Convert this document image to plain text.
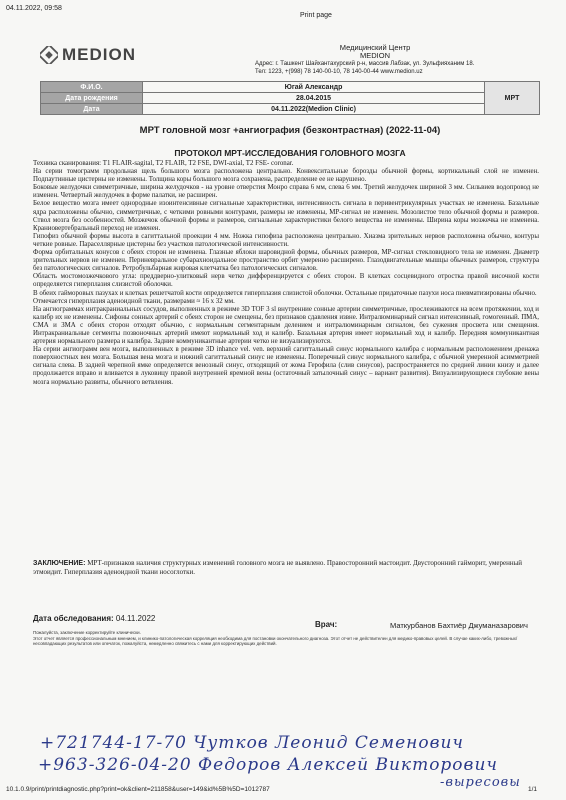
04.11.2022, 09:58
Print page
MEDION	Медицинский Центр
MEDION
Адрес: г. Ташкент Шайхантахурский р-н, массив Лабзак, ул. Зульфияханим 18.
Тел: 1223, +(998) 78 140-00-10, 78 140-00-44 www.medion.uz
Ф.И.О.	Югай Александр	МРТ
Дата рождения	28.04.2015	
Дата	04.11.2022(Medion Clinic)	
МРТ головной мозг +ангиография (безконтрастная) (2022-11-04)
ПРОТОКОЛ МРТ-ИССЛЕДОВАНИЯ ГОЛОВНОГО МОЗГА

Техника сканирования: T1 FLAIR-sagital, T2 FLAIR, T2 FSE, DWI-axial, T2 FSE- coronar.

На серии томограмм продольная щель большого мозга расположена центрально. Конвекситальные борозды обычной формы, кортикальный слой не изменен. Подпаутинные цистерны не изменены. Толщина коры большого мозга сохранена, распределение ее не нарушено.

Боковые желудочки симметричные, ширина желудочков - на уровне отверстия Монро справа 6 мм, слева 6 мм. Третий желудочек шириной 3 мм. Сильвиев водопровод не изменен. Четвертый желудочек в форме палатки, не расширен.

Белое вещество мозга имеет однородные изоинтенсивные сигнальные характеристики, интенсивность сигнала в перивентрикулярных участках не изменена. Базальные ядра расположены обычно, симметричные, с четкими ровными контурами, размеры не изменены, МР-сигнал не изменен. Мозолистое тело обычной формы и размеров. Ствол мозга без особенностей. Мозжечок обычной формы и размеров, сигнальные характеристики белого вещества не изменены. Ширина коры мозжечка не изменена. Краниовертебральный переход не изменен.

Гипофиз обычной формы высота в сагиттальной проекции 4 мм. Ножка гипофиза расположена центрально. Хиазма зрительных нервов расположена обычно, контуры четкие ровные. Параселлярные цистерны без участков патологической интенсивности.

Форма орбитальных конусов с обеих сторон не изменена. Глазные яблоки шаровидной формы, обычных размеров, МР-сигнал стекловидного тела не изменен. Диаметр зрительных нервов не изменен. Периневральное субарахноидальное пространство орбит умеренно расширено. Глазодвигательные мышцы обычных размеров, структура без патологических сигналов. Ретробульбарная жировая клетчатка без патологических сигналов.

Область мостомозжечкового угла: преддверно-улитковый нерв четко дифференцируется с обеих сторон. В клетках сосцевидного отростка правой височной кости определяется гиперплазия слизистой оболочки.

В обеих гайморовых пазухах и клетках решетчатой кости определяется гиперплазия слизистой оболочки. Остальные придаточные пазухи носа пневматизированы обычно.

Отмечается гиперплазия аденоидной ткани, размерами ≈ 16 x 32 мм.

На ангиограммах интракраниальных сосудов, выполненных в режиме 3D TOF 3 sl внутренние сонные артерии симметричные, прослеживаются на всем протяжении, ход и калибр их не изменены. Сифоны сонных артерий с обеих сторон не смещены, без признаков сдавления извне. Интралюминарный сигнал интенсивный, гомогенный. ПМА, СМА и ЗМА с обеих сторон отходят обычно, с нормальным сегментарным делением и интралюминарным сигналом, без сужения просвета или смещения. Интракраниальные сегменты позвоночных артерий имеют нормальный ход и калибр. Базальная артерия имеет нормальный ход и калибр. Передняя коммуникантная артерия нормального размера и калибра. Задние коммуникантные артерии четко не визуализируются.

На серии ангиограмм вен мозга, выполненных в режиме 3D inhance vel. ven. верхний сагиттальный синус нормального калибра с нормальным расположением дренажа поверхностных вен мозга. Большая вена мозга и нижний сагиттальный синус не изменены. Поперечный синус нормального калибра, с обычной умеренной асимметрией сигнала слева. В задней черепной ямке определяется венозный синус, отходящий от жома Герофила (слив синусов), распространяется по средней линии книзу и далее продолжается вправо и вливается в луковицу правой внутренней яремной вены (остаточный затылочный синус – вариант развития). Визуализирующиеся глубокие вены мозга нормально развиты, обычного ветвления.

ЗАКЛЮЧЕНИЕ: МРТ-признаков наличия структурных изменений головного мозга не выявлено. Правосторонний мастоидит. Двусторонний гайморит, умеренный этмоидит. Гиперплазия аденоидной ткани носоглотки.
Дата обследования: 04.11.2022
Врач:	Маткурбанов Бахтиёр Джуманазарович
Пожалуйста, заключение корректируйте клинически.
Этот отчет является профессиональным мнением, и клинико-патологическая корреляция необходима для постановки окончательного диагноза. Этот отчет не действителен для медико-правовых целей. В случае каких-либо, тревожных/несовпадающих результатов или опечаток, пожалуйста, немедленно свяжитесь с нами для корректирующих действий.
+721744-17-70 Чутков Леонид Семенович
+963-326-04-20 Федоров Алексей Викторович
-выреcовы
10.1.0.9/print/printdiagnostic.php?print=ok&client=211858&user=149&id%5B%5D=1012787	1/1
